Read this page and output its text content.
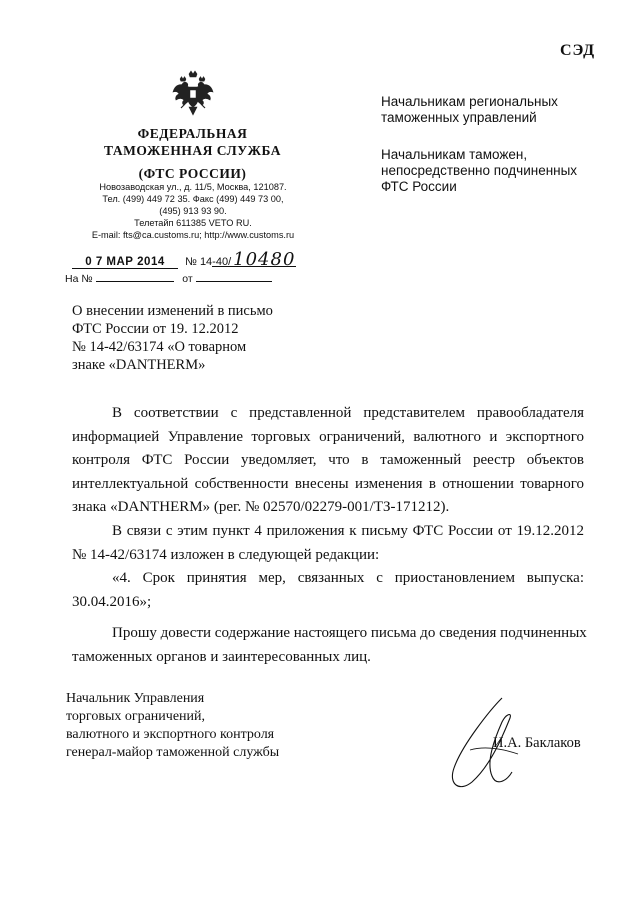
СЭД
ФЕДЕРАЛЬНАЯ
ТАМОЖЕННАЯ СЛУЖБА
(ФТС РОССИИ)
Новозаводская ул., д. 11/5, Москва, 121087.
Тел. (499) 449 72 35. Факс (499) 449 73 00,
(495) 913 93 90.
Телетайп 611385 VETO RU.
E-mail: fts@ca.customs.ru; http://www.customs.ru
0 7 МАР 2014 № 14-40/ 10480
На №	от
Начальникам региональных
таможенных управлений
Начальникам таможен,
непосредственно подчиненных
ФТС России
О внесении изменений в письмо
ФТС России от 19. 12.2012
№ 14-42/63174 «О товарном
знаке «DANTHERM»
В соответствии с представленной представителем правообладателя
информацией Управление торговых ограничений, валютного и экспортного
контроля ФТС России уведомляет, что в таможенный реестр объектов
интеллектуальной собственности внесены изменения в отношении товарного
знака «DANTHERM» (рег. № 02570/02279-001/ТЗ-171212).
В связи с этим пункт 4 приложения к письму ФТС России от 19.12.2012
№ 14-42/63174 изложен в следующей редакции:
«4. Срок принятия мер, связанных с приостановлением выпуска:
30.04.2016»;
Прошу довести содержание настоящего письма до сведения подчиненных
таможенных органов и заинтересованных лиц.
Начальник Управления
торговых ограничений,
валютного и экспортного контроля
генерал-майор таможенной службы
И.А. Баклаков
